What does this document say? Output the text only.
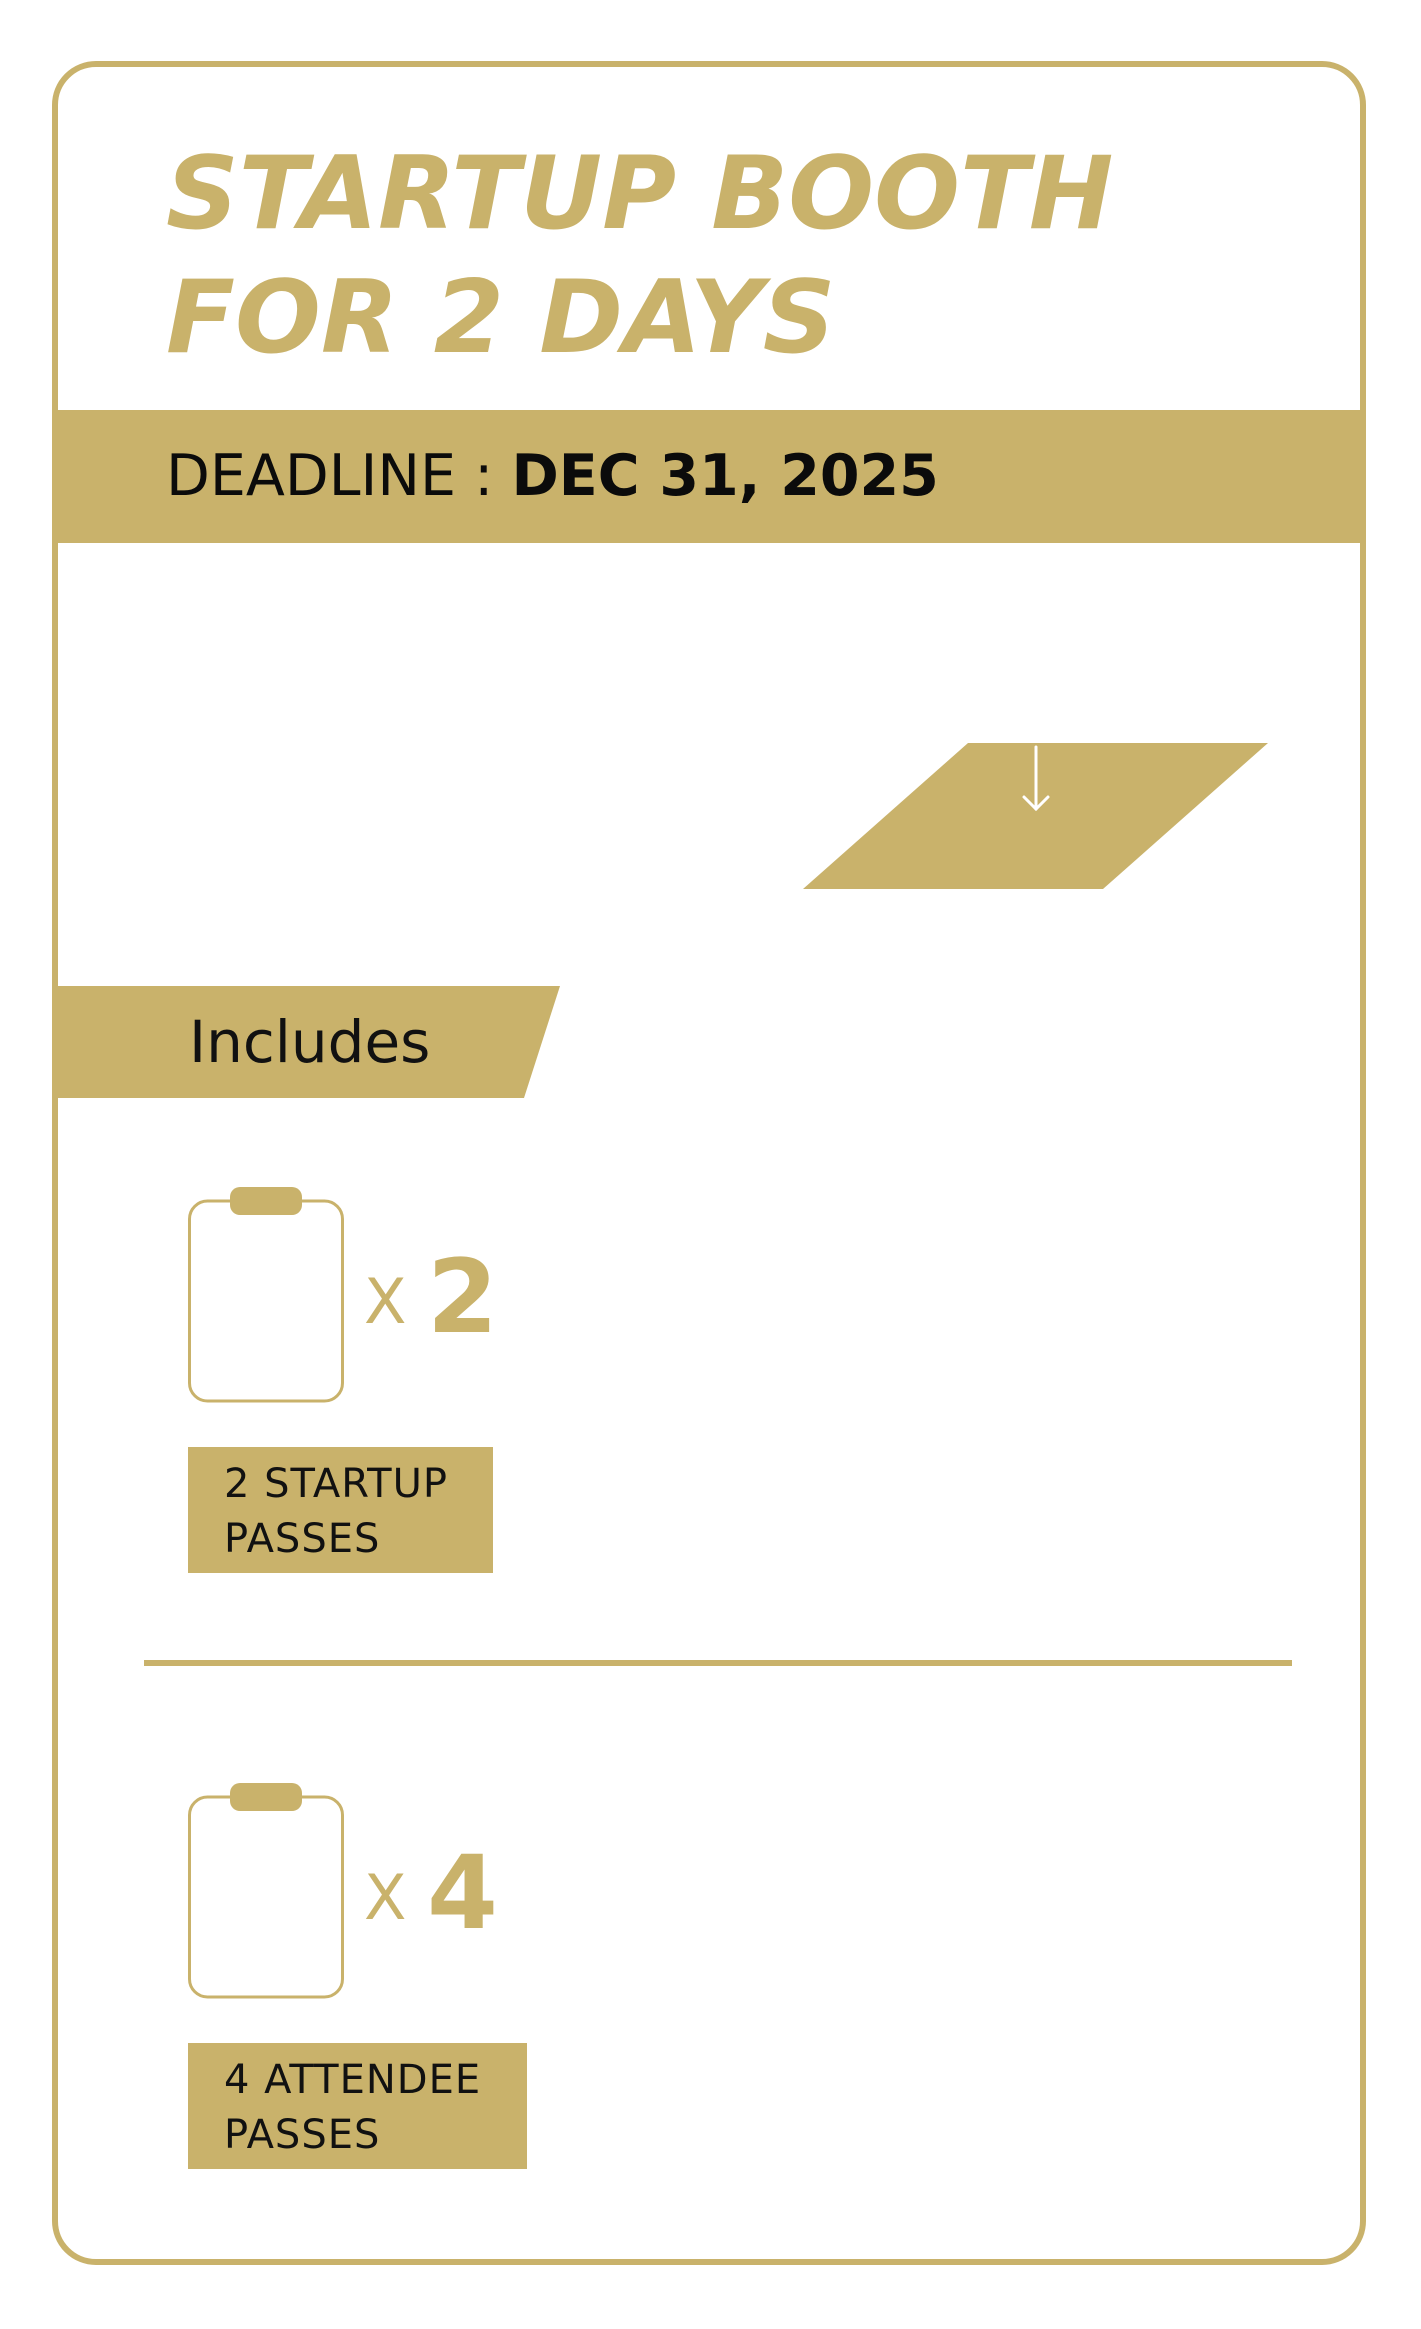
STARTUP BOOTH
FOR 2 DAYS
DEADLINE : DEC 31, 2025
Includes
X 2
2 STARTUP
PASSES
X 4
4 ATTENDEE
PASSES
